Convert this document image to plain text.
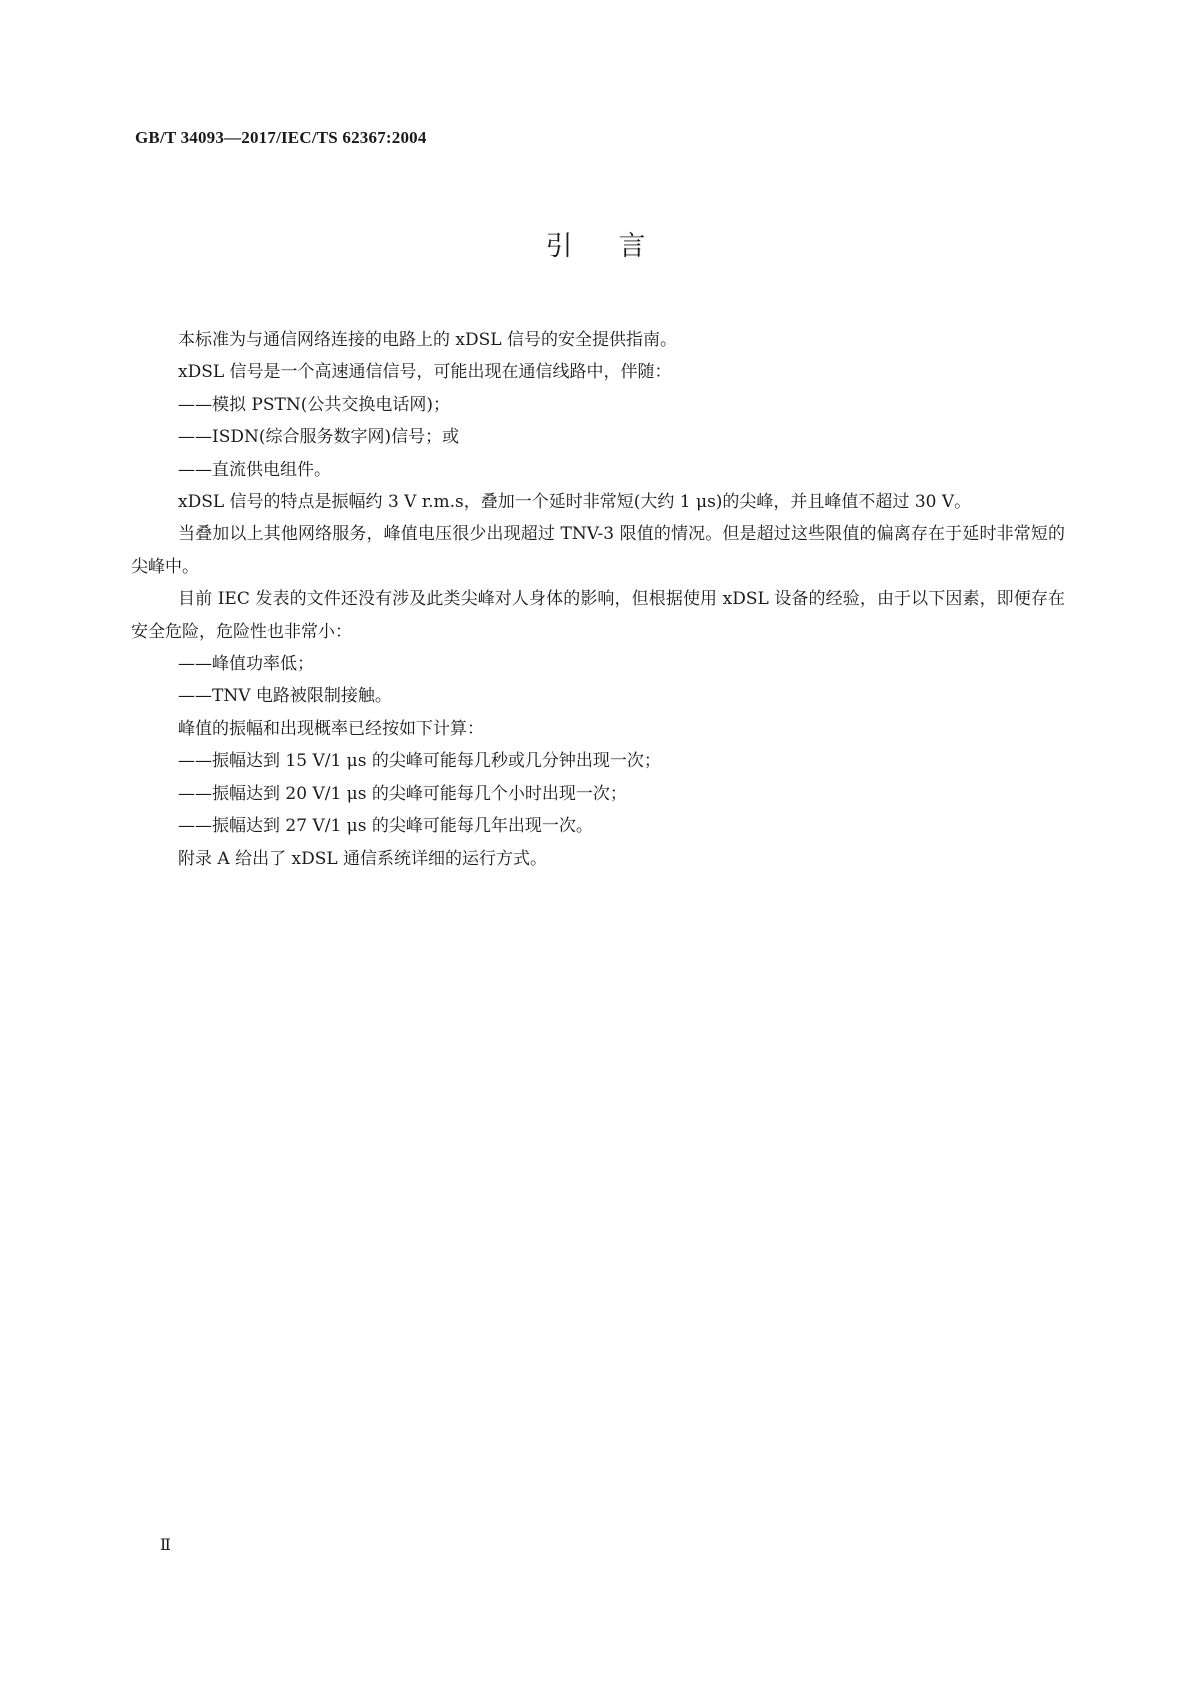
GB/T 34093—2017/IEC/TS 62367:2004
引言

本标准为与通信网络连接的电路上的 xDSL 信号的安全提供指南。

xDSL 信号是一个高速通信信号，可能出现在通信线路中，伴随：

——模拟 PSTN(公共交换电话网)；

——ISDN(综合服务数字网)信号；或

——直流供电组件。

xDSL 信号的特点是振幅约 3 V r.m.s，叠加一个延时非常短(大约 1 μs)的尖峰，并且峰值不超过 30 V。

当叠加以上其他网络服务，峰值电压很少出现超过 TNV-3 限值的情况。但是超过这些限值的偏离存在于延时非常短的尖峰中。

目前 IEC 发表的文件还没有涉及此类尖峰对人身体的影响，但根据使用 xDSL 设备的经验，由于以下因素，即便存在安全危险，危险性也非常小：

——峰值功率低；

——TNV 电路被限制接触。

峰值的振幅和出现概率已经按如下计算：

——振幅达到 15 V/1 μs 的尖峰可能每几秒或几分钟出现一次；

——振幅达到 20 V/1 μs 的尖峰可能每几个小时出现一次；

——振幅达到 27 V/1 μs 的尖峰可能每几年出现一次。

附录 A 给出了 xDSL 通信系统详细的运行方式。

Ⅱ
